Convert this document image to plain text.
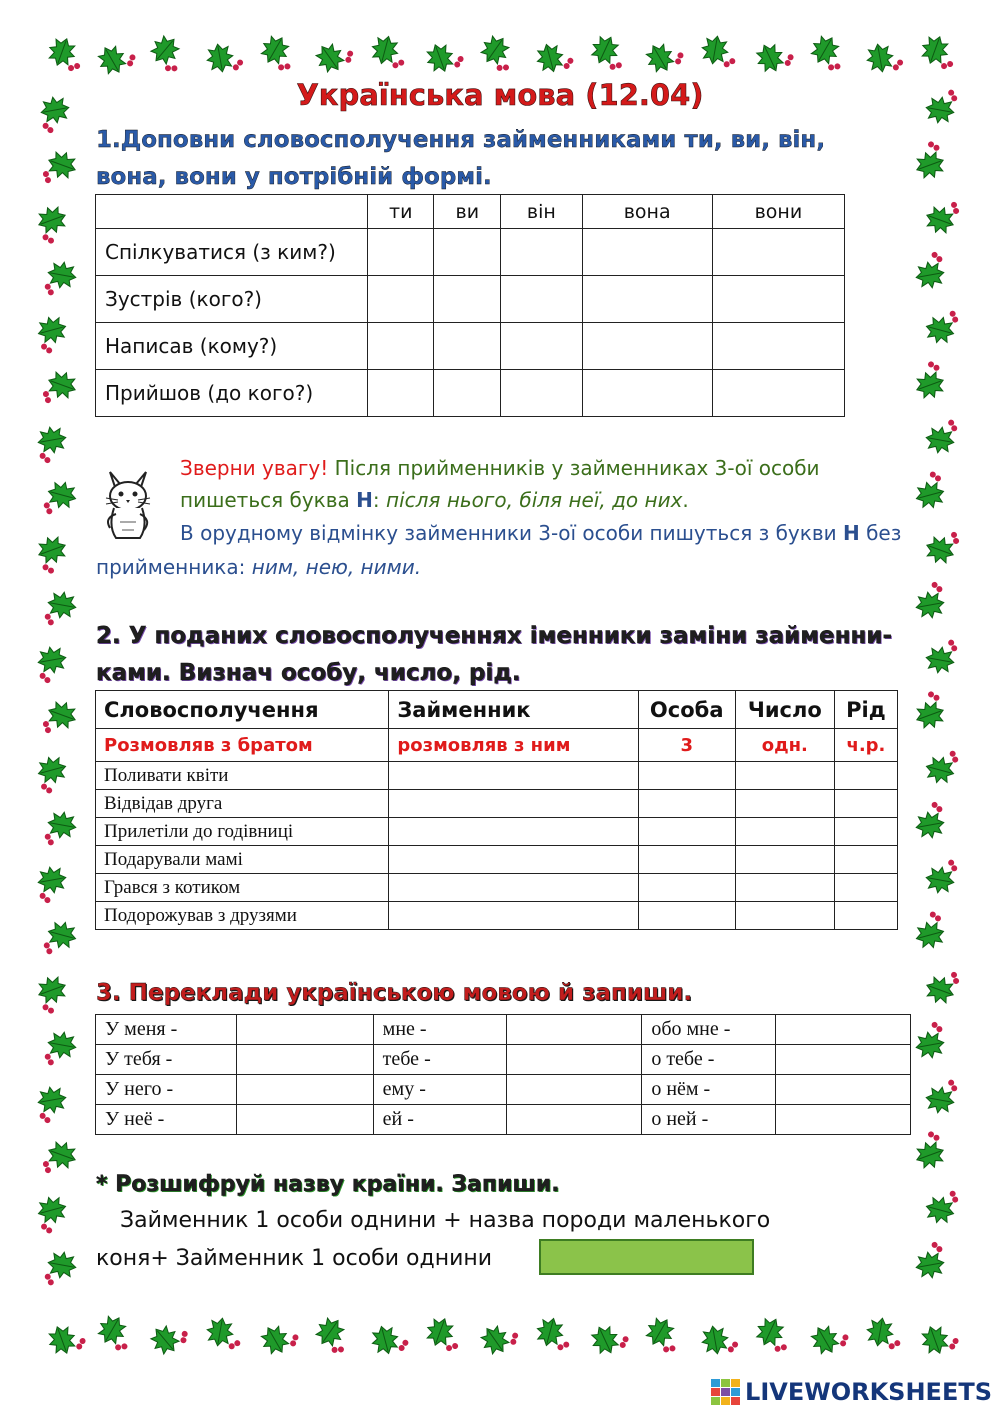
Українська мова (12.04)
1.Доповни словосполучення займенниками ти, ви, він, вона, вони у потрібній формі.
	ти	ви	він	вона	вони
Спілкуватися (з ким?)					
Зустрів (кого?)					
Написав (кому?)					
Прийшов (до кого?)					
Зверни увагу! Після прийменників у займенниках 3-ої особи пишеться буква Н: після нього, біля неї, до них.
В орудному відмінку займенники 3-ої особи пишуться з букви Н без прийменника: ним, нею, ними.
2. У поданих словосполученнях іменники заміни займенни-ками. Визнач особу, число, рід.
Словосполучення	Займенник	Особа	Число	Рід
Розмовляв з братом	розмовляв з ним	3	одн.	ч.р.
Поливати квіти				
Відвідав друга				
Прилетіли до годівниці				
Подарували мамі				
Грався з котиком				
Подорожував з друзями				
3. Переклади українською мовою й запиши.
У меня -		мне -		обо мне -	
У тебя -		тебе -		о тебе -	
У него -		ему -		о нём -	
У неё -		ей -		о ней -	
* Розшифруй назву країни. Запиши.
Займенник 1 особи однини + назва породи маленького
коня+ Займенник 1 особи однини
LIVEWORKSHEETS
